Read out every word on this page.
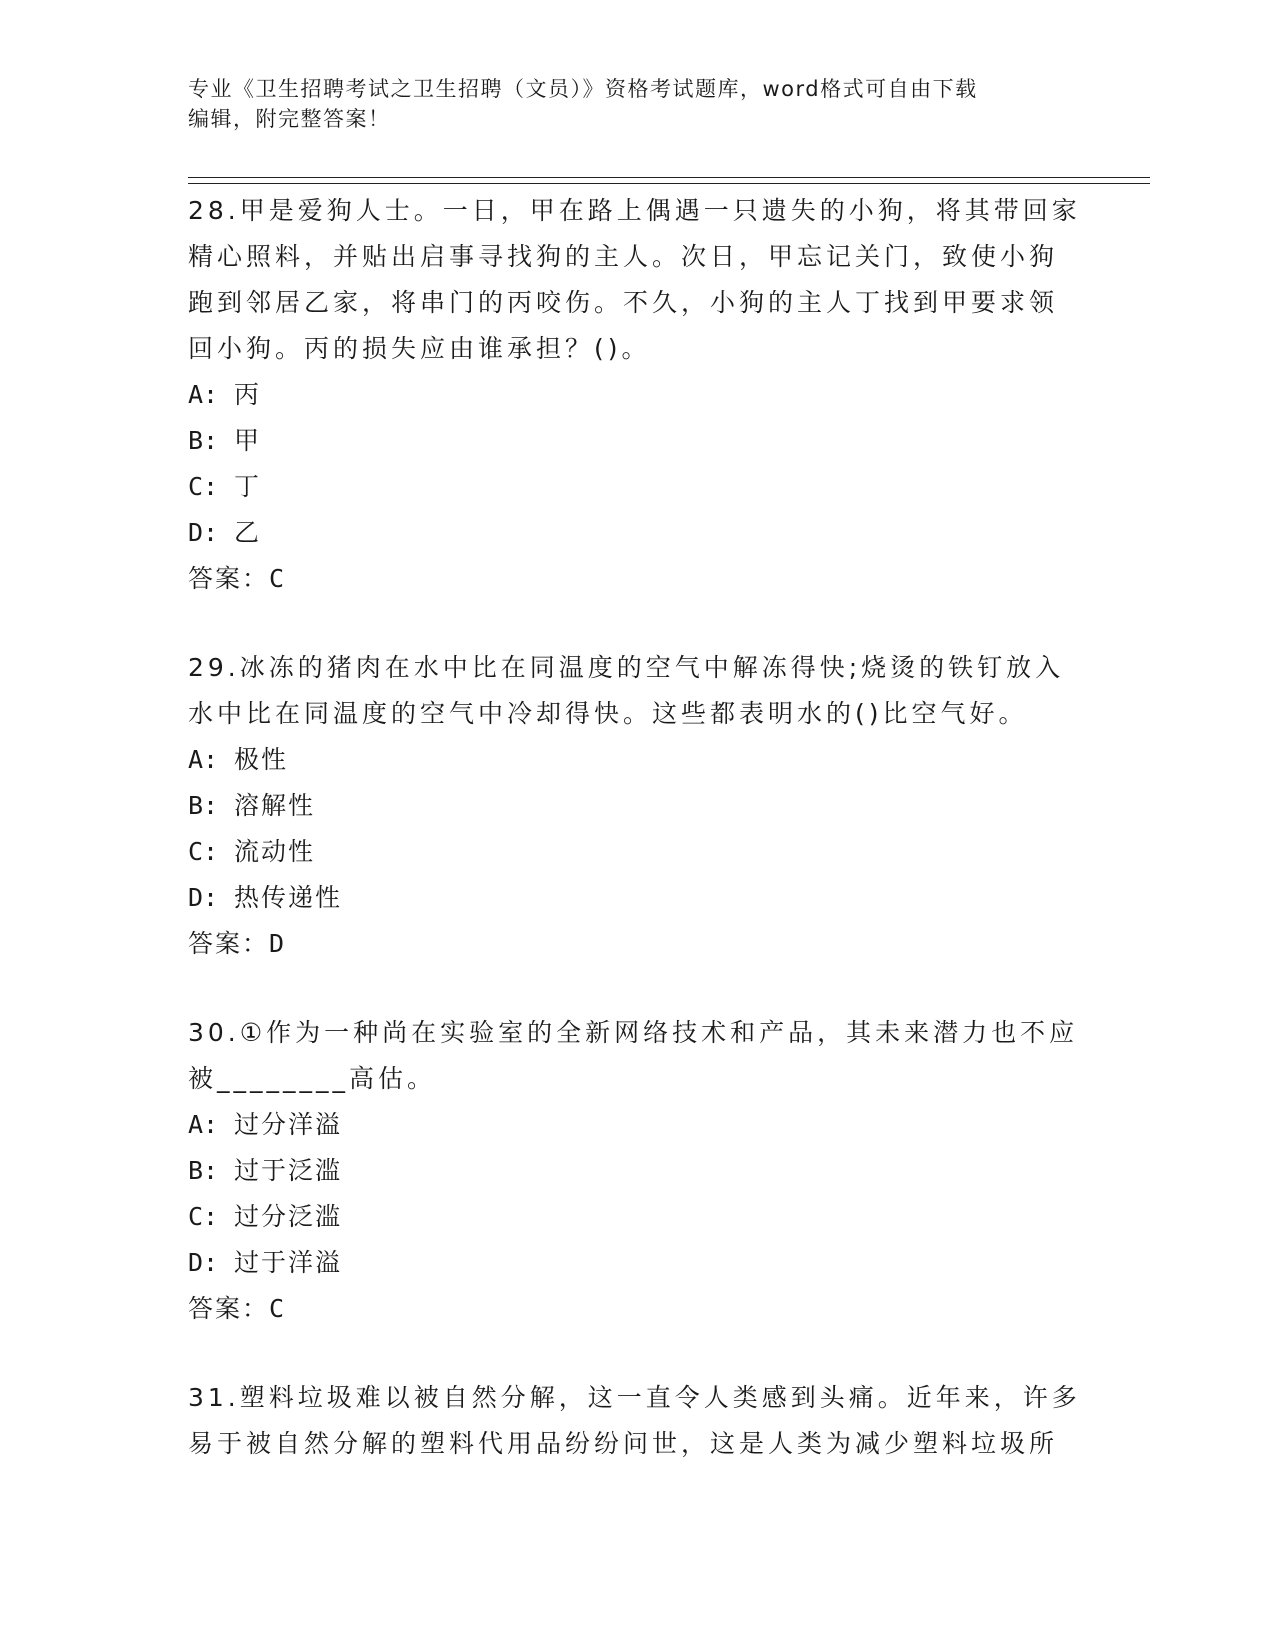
专业《卫生招聘考试之卫生招聘（文员）》资格考试题库，word格式可自由下载
编辑，附完整答案！
28.甲是爱狗人士。一日，甲在路上偶遇一只遗失的小狗，将其带回家
精心照料，并贴出启事寻找狗的主人。次日，甲忘记关门，致使小狗
跑到邻居乙家，将串门的丙咬伤。不久，小狗的主人丁找到甲要求领
回小狗。丙的损失应由谁承担？()。
A: 丙
B: 甲
C: 丁
D: 乙
答案：C
29.冰冻的猪肉在水中比在同温度的空气中解冻得快;烧烫的铁钉放入
水中比在同温度的空气中冷却得快。这些都表明水的()比空气好。
A: 极性
B: 溶解性
C: 流动性
D: 热传递性
答案：D
30.①作为一种尚在实验室的全新网络技术和产品，其未来潜力也不应
被________高估。
A: 过分洋溢
B: 过于泛滥
C: 过分泛滥
D: 过于洋溢
答案：C
31.塑料垃圾难以被自然分解，这一直令人类感到头痛。近年来，许多
易于被自然分解的塑料代用品纷纷问世，这是人类为减少塑料垃圾所
